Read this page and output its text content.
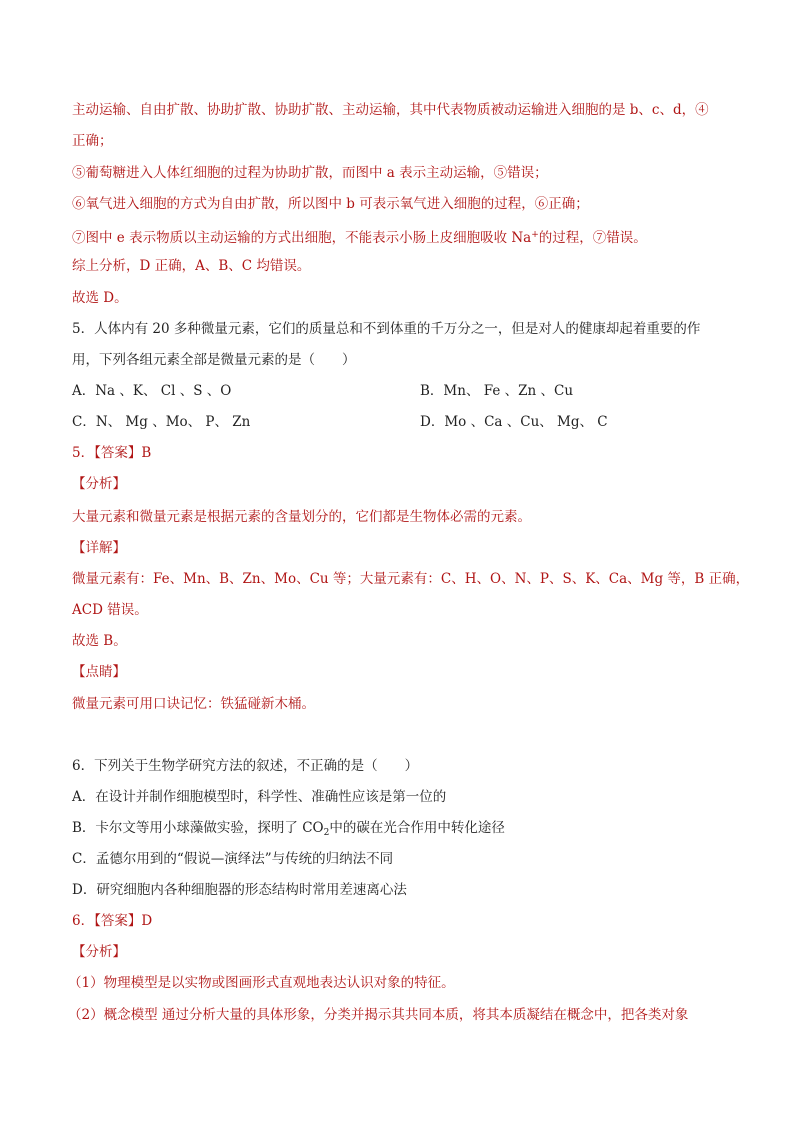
主动运输、自由扩散、协助扩散、协助扩散、主动运输，其中代表物质被动运输进入细胞的是 b、c、d，④
正确；
⑤葡萄糖进入人体红细胞的过程为协助扩散，而图中 a 表示主动运输，⑤错误；
⑥氧气进入细胞的方式为自由扩散，所以图中 b 可表示氧气进入细胞的过程，⑥正确；
⑦图中 e 表示物质以主动运输的方式出细胞，不能表示小肠上皮细胞吸收 Na+的过程，⑦错误。
综上分析，D 正确，A、B、C 均错误。
故选 D。
5．人体内有 20 多种微量元素，它们的质量总和不到体重的千万分之一，但是对人的健康却起着重要的作
用，下列各组元素全部是微量元素的是（　　）
A．Na 、K、 Cl 、S 、O	B．Mn、 Fe 、Zn 、Cu
C．N、 Mg 、Mo、 P、 Zn	D．Mo 、Ca 、Cu、 Mg、 C
5．【答案】B
【分析】
大量元素和微量元素是根据元素的含量划分的，它们都是生物体必需的元素。
【详解】
微量元素有：Fe、Mn、B、Zn、Mo、Cu 等；大量元素有：C、H、O、N、P、S、K、Ca、Mg 等，B 正确，
ACD 错误。
故选 B。
【点睛】
微量元素可用口诀记忆：铁猛碰新木桶。
6．下列关于生物学研究方法的叙述，不正确的是（　　）
A．在设计并制作细胞模型时，科学性、准确性应该是第一位的
B．卡尔文等用小球藻做实验，探明了 $CO_2$中的碳在光合作用中转化途径
C．孟德尔用到的“假说—演绎法”与传统的归纳法不同
D．研究细胞内各种细胞器的形态结构时常用差速离心法
6．【答案】D
【分析】
（1）物理模型是以实物或图画形式直观地表达认识对象的特征。
（2）概念模型 通过分析大量的具体形象，分类并揭示其共同本质，将其本质凝结在概念中，把各类对象
